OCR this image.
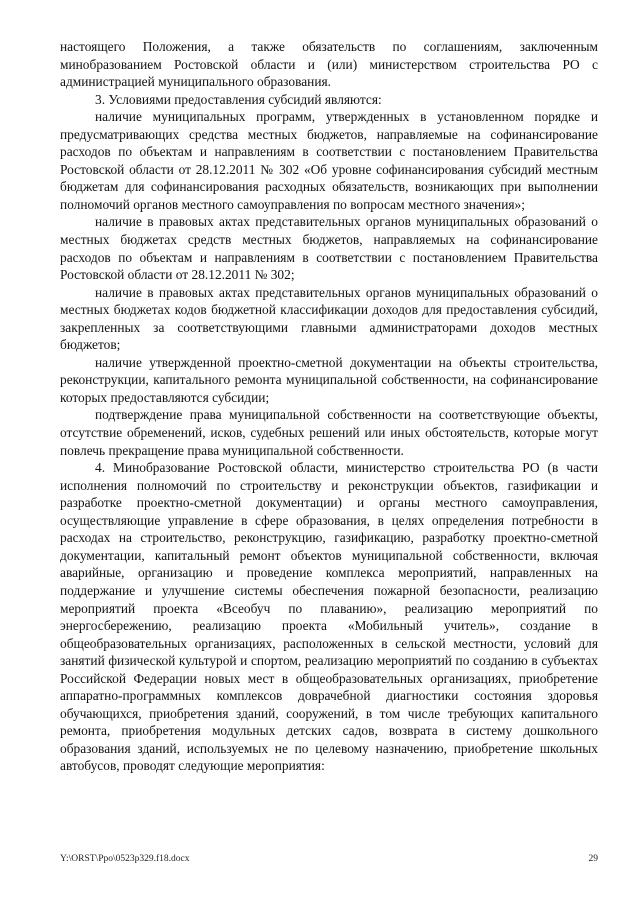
настоящего Положения, а также обязательств по соглашениям, заключенным минобразованием Ростовской области и (или) министерством строительства РО с администрацией муниципального образования.

3. Условиями предоставления субсидий являются:

наличие муниципальных программ, утвержденных в установленном порядке и предусматривающих средства местных бюджетов, направляемые на софинансирование расходов по объектам и направлениям в соответствии с постановлением Правительства Ростовской области от 28.12.2011 № 302 «Об уровне софинансирования субсидий местным бюджетам для софинансирования расходных обязательств, возникающих при выполнении полномочий органов местного самоуправления по вопросам местного значения»;

наличие в правовых актах представительных органов муниципальных образований о местных бюджетах средств местных бюджетов, направляемых на софинансирование расходов по объектам и направлениям в соответствии с постановлением Правительства Ростовской области от 28.12.2011 № 302;

наличие в правовых актах представительных органов муниципальных образований о местных бюджетах кодов бюджетной классификации доходов для предоставления субсидий, закрепленных за соответствующими главными администраторами доходов местных бюджетов;

наличие утвержденной проектно-сметной документации на объекты строительства, реконструкции, капитального ремонта муниципальной собственности, на софинансирование которых предоставляются субсидии;

подтверждение права муниципальной собственности на соответствующие объекты, отсутствие обременений, исков, судебных решений или иных обстоятельств, которые могут повлечь прекращение права муниципальной собственности.

4. Минобразование Ростовской области, министерство строительства РО (в части исполнения полномочий по строительству и реконструкции объектов, газификации и разработке проектно-сметной документации) и органы местного самоуправления, осуществляющие управление в сфере образования, в целях определения потребности в расходах на строительство, реконструкцию, газификацию, разработку проектно-сметной документации, капитальный ремонт объектов муниципальной собственности, включая аварийные, организацию и проведение комплекса мероприятий, направленных на поддержание и улучшение системы обеспечения пожарной безопасности, реализацию мероприятий проекта «Всеобуч по плаванию», реализацию мероприятий по энергосбережению, реализацию проекта «Мобильный учитель», создание в общеобразовательных организациях, расположенных в сельской местности, условий для занятий физической культурой и спортом, реализацию мероприятий по созданию в субъектах Российской Федерации новых мест в общеобразовательных организациях, приобретение аппаратно-программных комплексов доврачебной диагностики состояния здоровья обучающихся, приобретения зданий, сооружений, в том числе требующих капитального ремонта, приобретения модульных детских садов, возврата в систему дошкольного образования зданий, используемых не по целевому назначению, приобретение школьных автобусов, проводят следующие мероприятия:

Y:\ORST\Ppo\0523p329.f18.docx	29
